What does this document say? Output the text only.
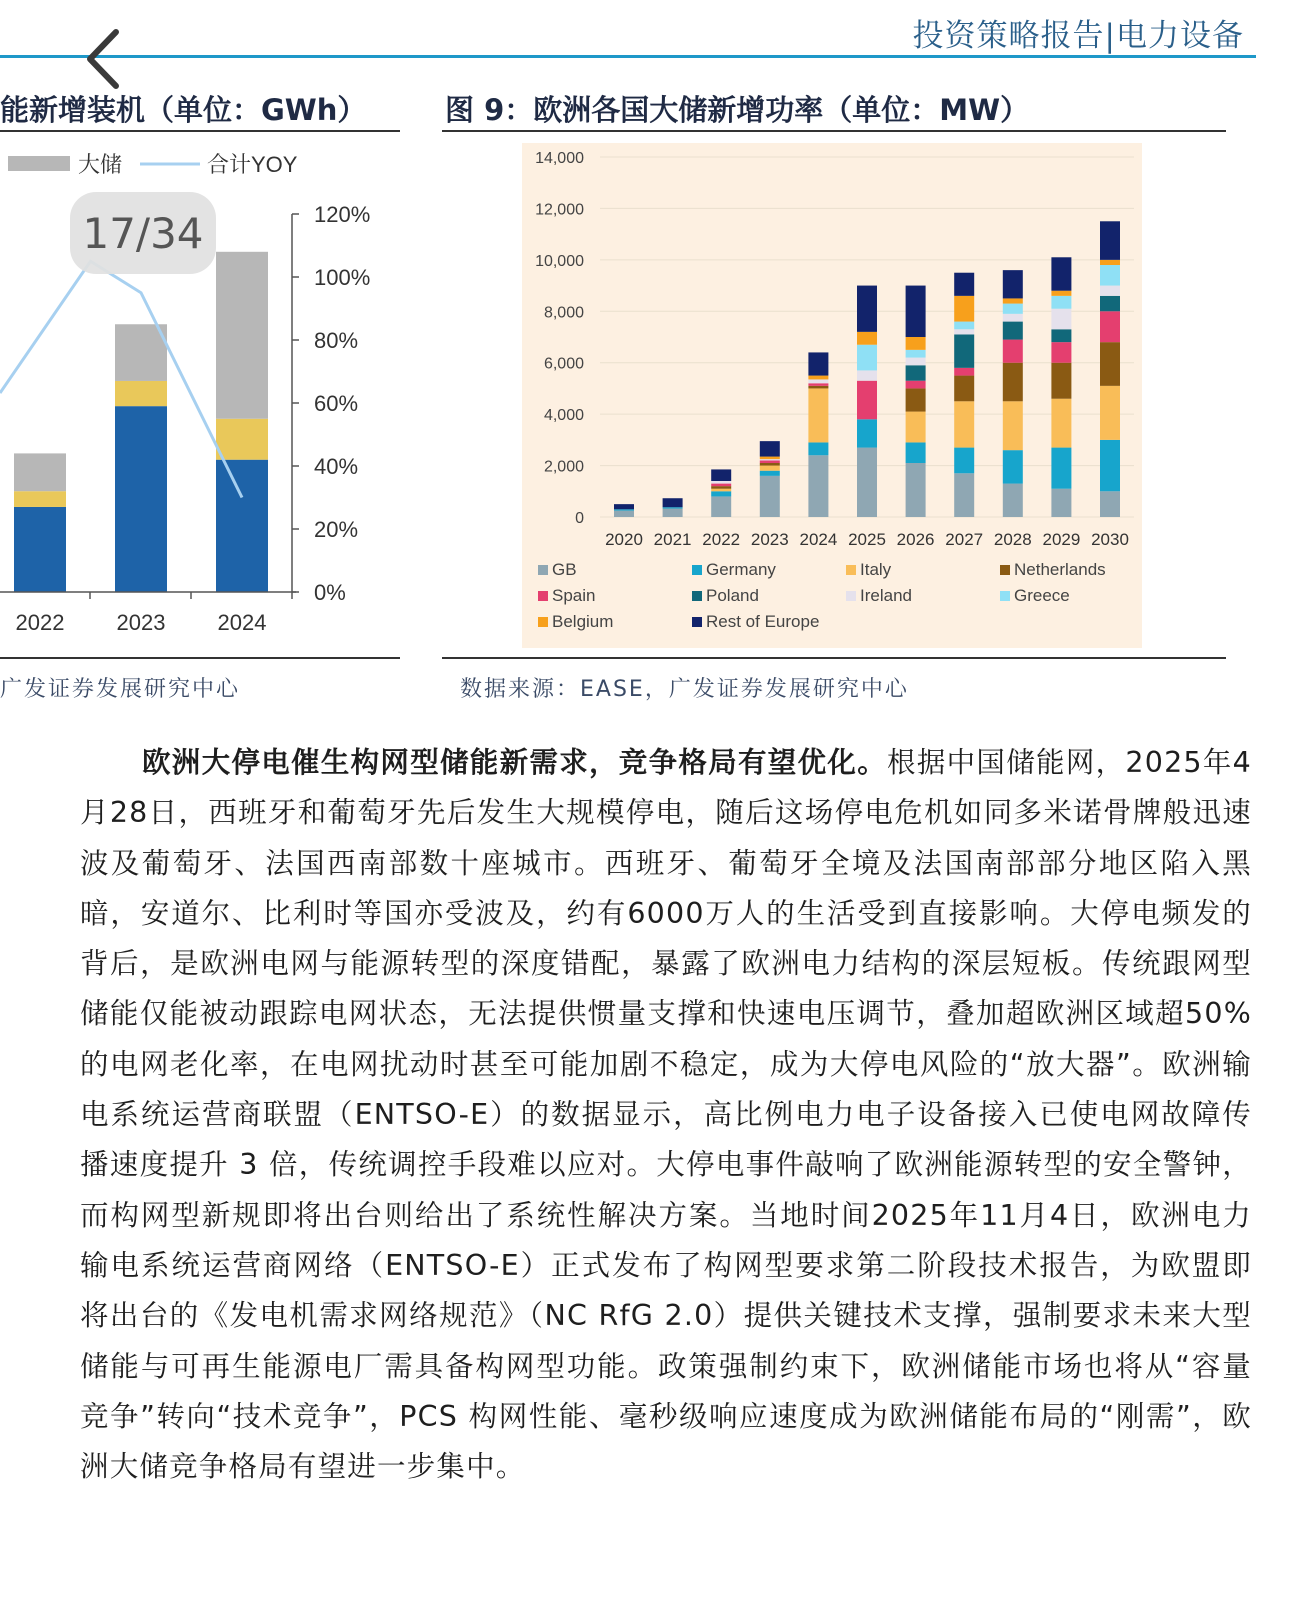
投资策略报告|电力设备
能新增装机（单位：GWh）
大储	合计YOY
2022 2023 2024
0%
20%
40%
60%
80%
100%
120%
17/34
广发证券发展研究中心
图 9：欧洲各国大储新增功率（单位：MW）
0
2,000
4,000
6,000
8,000
10,000
12,000
14,000
2020 2021 2022 2023 2024 2025 2026 2027 2028 2029 2030
GB	Germany	Italy	Netherlands
Spain	Poland	Ireland	Greece
Belgium	Rest of Europe
数据来源：EASE，广发证券发展研究中心

欧洲大停电催生构网型储能新需求，竞争格局有望优化。根据中国储能网，2025年4月28日，西班牙和葡萄牙先后发生大规模停电，随后这场停电危机如同多米诺骨牌般迅速波及葡萄牙、法国西南部数十座城市。西班牙、葡萄牙全境及法国南部部分地区陷入黑暗，安道尔、比利时等国亦受波及，约有6000万人的生活受到直接影响。大停电频发的背后，是欧洲电网与能源转型的深度错配，暴露了欧洲电力结构的深层短板。传统跟网型储能仅能被动跟踪电网状态，无法提供惯量支撑和快速电压调节，叠加超欧洲区域超50%的电网老化率，在电网扰动时甚至可能加剧不稳定，成为大停电风险的“放大器”。欧洲输电系统运营商联盟（ENTSO-E）的数据显示，高比例电力电子设备接入已使电网故障传播速度提升 3 倍，传统调控手段难以应对。大停电事件敲响了欧洲能源转型的安全警钟，而构网型新规即将出台则给出了系统性解决方案。当地时间2025年11月4日，欧洲电力输电系统运营商网络（ENTSO-E）正式发布了构网型要求第二阶段技术报告，为欧盟即将出台的《发电机需求网络规范》（NC RfG 2.0）提供关键技术支撑，强制要求未来大型储能与可再生能源电厂需具备构网型功能。政策强制约束下，欧洲储能市场也将从“容量竞争”转向“技术竞争”，PCS 构网性能、毫秒级响应速度成为欧洲储能布局的“刚需”，欧洲大储竞争格局有望进一步集中。
